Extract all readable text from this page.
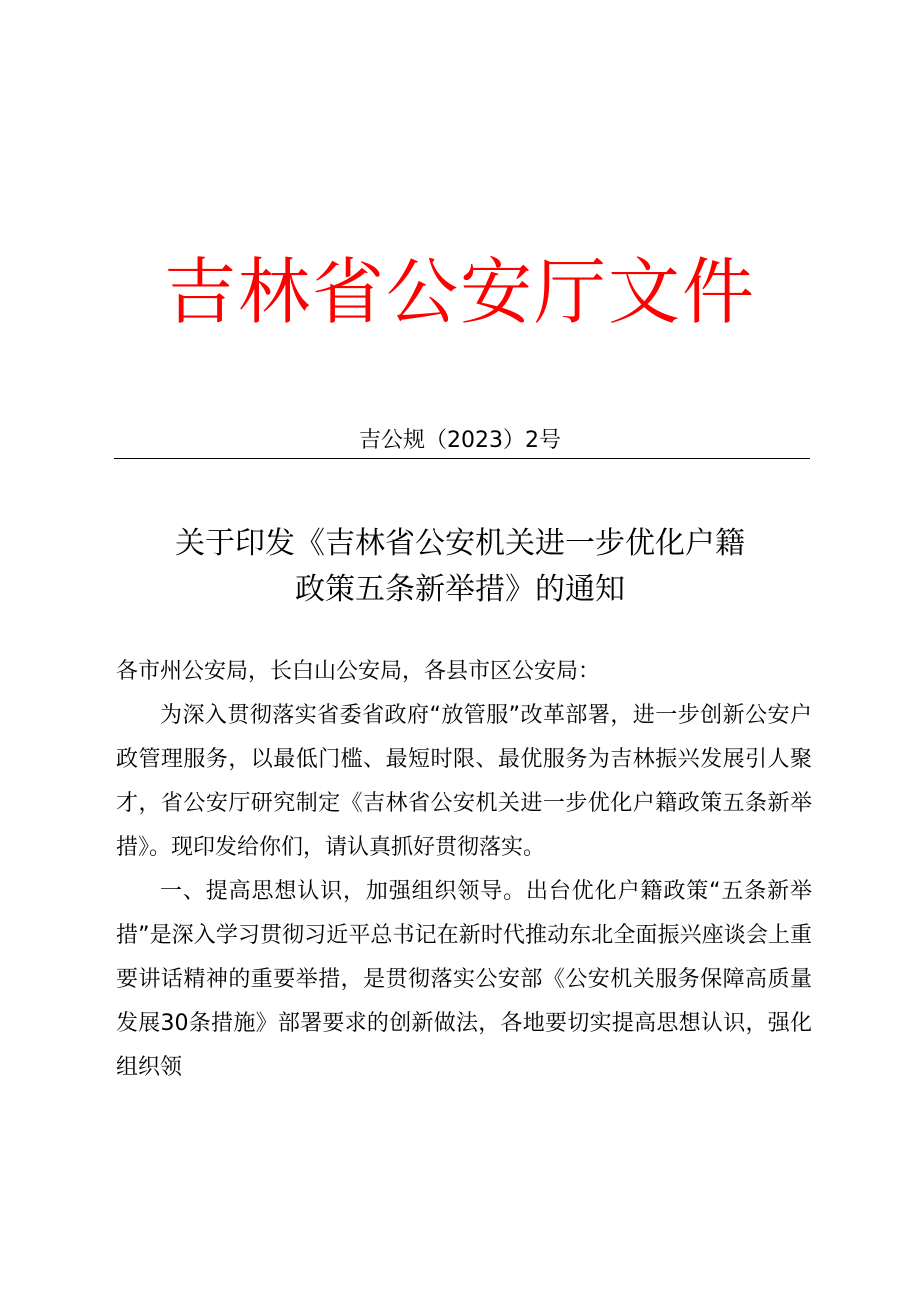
吉林省公安厅文件
吉公规（2023）2号
关于印发《吉林省公安机关进一步优化户籍
政策五条新举措》的通知

各市州公安局，长白山公安局，各县市区公安局：

为深入贯彻落实省委省政府“放管服”改革部署，进一步创新公安户政管理服务，以最低门槛、最短时限、最优服务为吉林振兴发展引人聚才，省公安厅研究制定《吉林省公安机关进一步优化户籍政策五条新举措》。现印发给你们，请认真抓好贯彻落实。

一、提高思想认识，加强组织领导。出台优化户籍政策“五条新举措”是深入学习贯彻习近平总书记在新时代推动东北全面振兴座谈会上重要讲话精神的重要举措，是贯彻落实公安部《公安机关服务保障高质量发展30条措施》部署要求的创新做法，各地要切实提高思想认识，强化组织领
